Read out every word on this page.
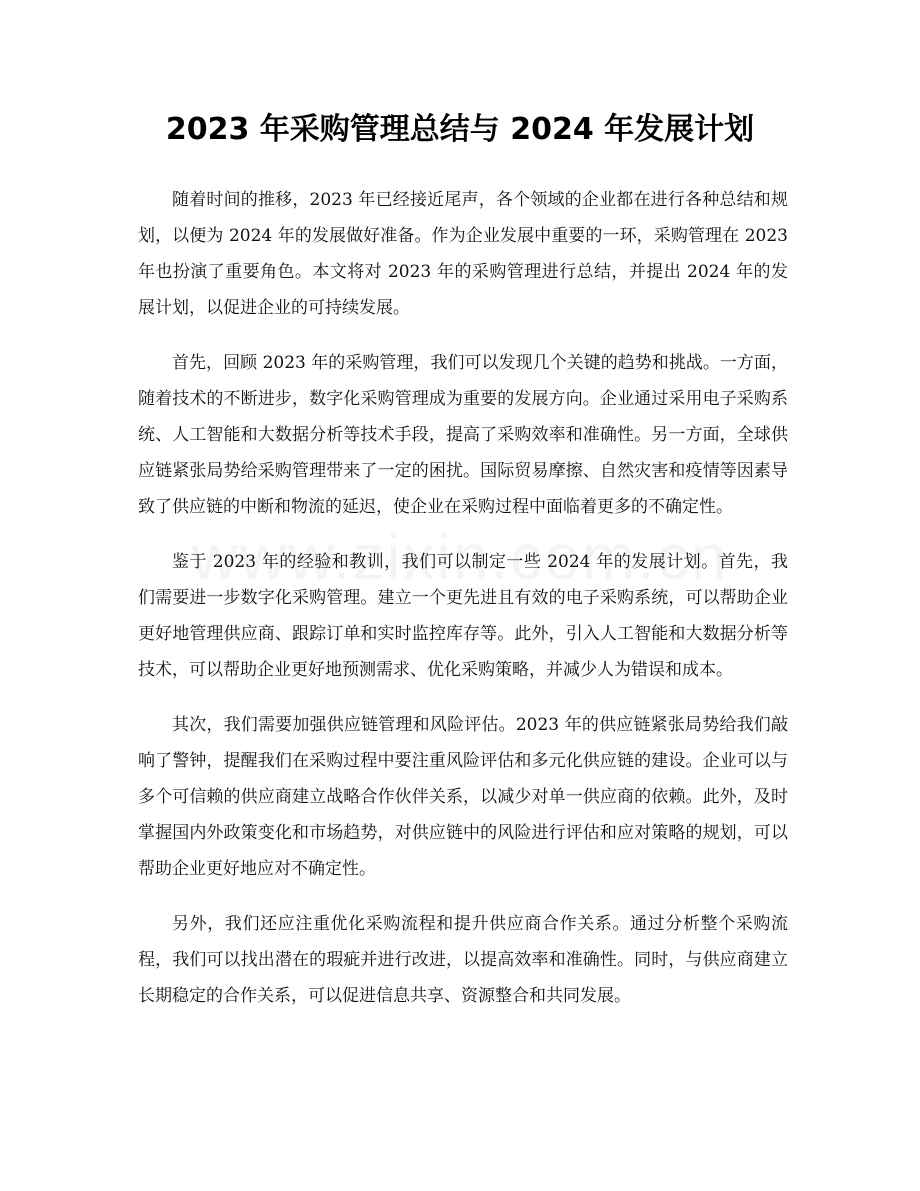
2023 年采购管理总结与 2024 年发展计划

随着时间的推移，2023 年已经接近尾声，各个领域的企业都在进行各种总结和规划，以便为 2024 年的发展做好准备。作为企业发展中重要的一环，采购管理在 2023 年也扮演了重要角色。本文将对 2023 年的采购管理进行总结，并提出 2024 年的发展计划，以促进企业的可持续发展。

首先，回顾 2023 年的采购管理，我们可以发现几个关键的趋势和挑战。一方面，随着技术的不断进步，数字化采购管理成为重要的发展方向。企业通过采用电子采购系统、人工智能和大数据分析等技术手段，提高了采购效率和准确性。另一方面，全球供应链紧张局势给采购管理带来了一定的困扰。国际贸易摩擦、自然灾害和疫情等因素导致了供应链的中断和物流的延迟，使企业在采购过程中面临着更多的不确定性。

鉴于 2023 年的经验和教训，我们可以制定一些 2024 年的发展计划。首先，我们需要进一步数字化采购管理。建立一个更先进且有效的电子采购系统，可以帮助企业更好地管理供应商、跟踪订单和实时监控库存等。此外，引入人工智能和大数据分析等技术，可以帮助企业更好地预测需求、优化采购策略，并减少人为错误和成本。

其次，我们需要加强供应链管理和风险评估。2023 年的供应链紧张局势给我们敲响了警钟，提醒我们在采购过程中要注重风险评估和多元化供应链的建设。企业可以与多个可信赖的供应商建立战略合作伙伴关系，以减少对单一供应商的依赖。此外，及时掌握国内外政策变化和市场趋势，对供应链中的风险进行评估和应对策略的规划，可以帮助企业更好地应对不确定性。

另外，我们还应注重优化采购流程和提升供应商合作关系。通过分析整个采购流程，我们可以找出潜在的瑕疵并进行改进，以提高效率和准确性。同时，与供应商建立长期稳定的合作关系，可以促进信息共享、资源整合和共同发展。
